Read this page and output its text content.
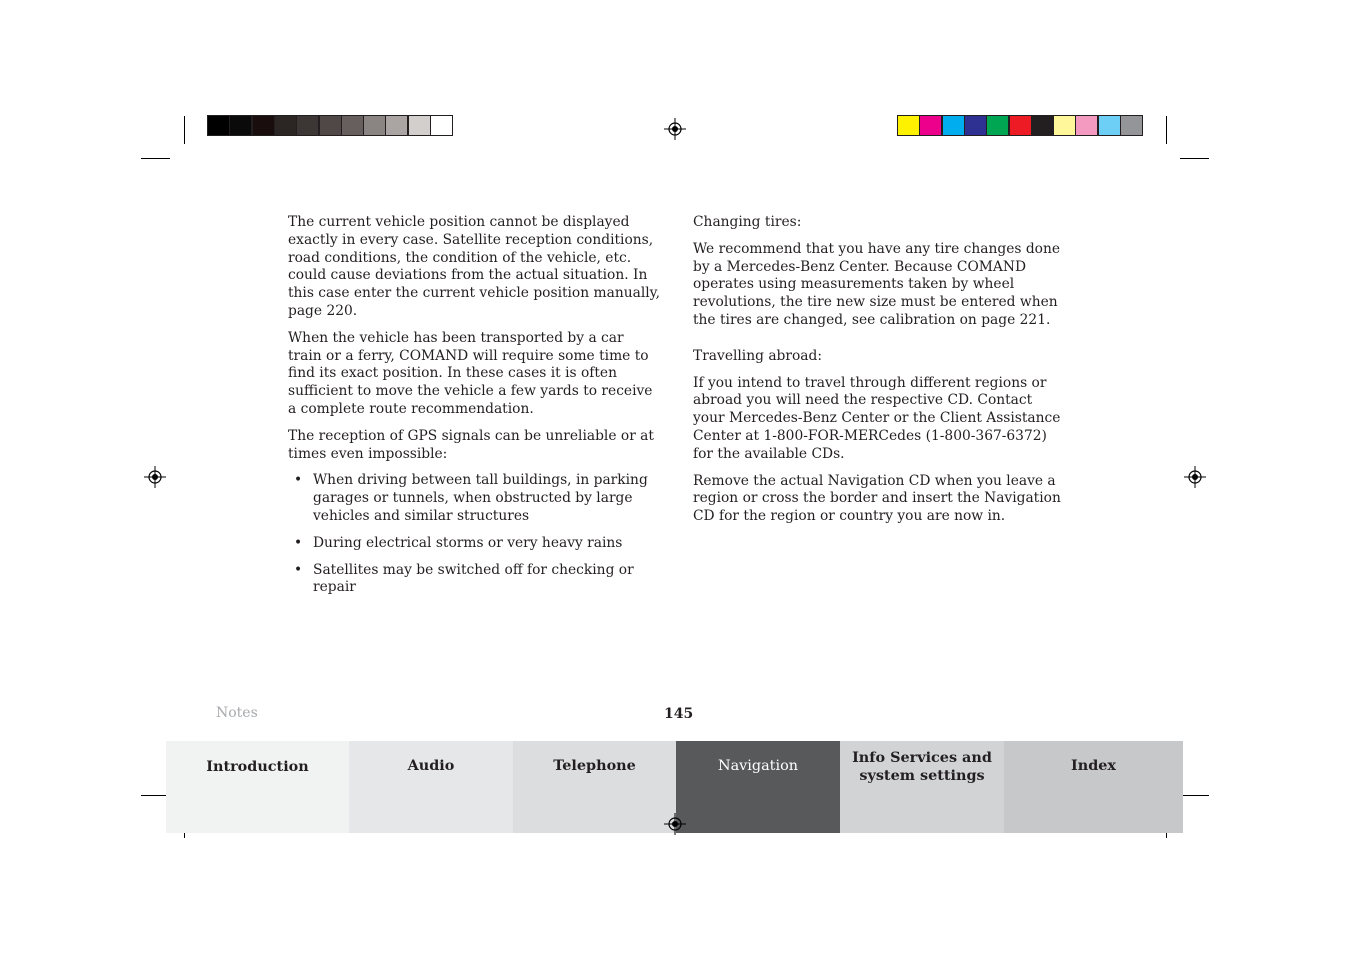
The current vehicle position cannot be displayed exactly in every case. Satellite reception conditions, road conditions, the condition of the vehicle, etc. could cause deviations from the actual situation. In this case enter the current vehicle position manually, page 220.

When the vehicle has been transported by a car train or a ferry, COMAND will require some time to find its exact position. In these cases it is often sufficient to move the vehicle a few yards to receive a complete route recommendation.

The reception of GPS signals can be unreliable or at times even impossible:

• When driving between tall buildings, in parking garages or tunnels, when obstructed by large vehicles and similar structures
• During electrical storms or very heavy rains
• Satellites may be switched off for checking or repair

Changing tires:

We recommend that you have any tire changes done by a Mercedes-Benz Center. Because COMAND operates using measurements taken by wheel revolutions, the tire new size must be entered when the tires are changed, see calibration on page 221.

Travelling abroad:

If you intend to travel through different regions or abroad you will need the respective CD. Contact your Mercedes-Benz Center or the Client Assistance Center at 1-800-FOR-MERCedes (1-800-367-6372) for the available CDs.

Remove the actual Navigation CD when you leave a region or cross the border and insert the Navigation CD for the region or country you are now in.

Notes	145
Introduction	Audio	Telephone	Navigation	Info Services and
system settings
Index
